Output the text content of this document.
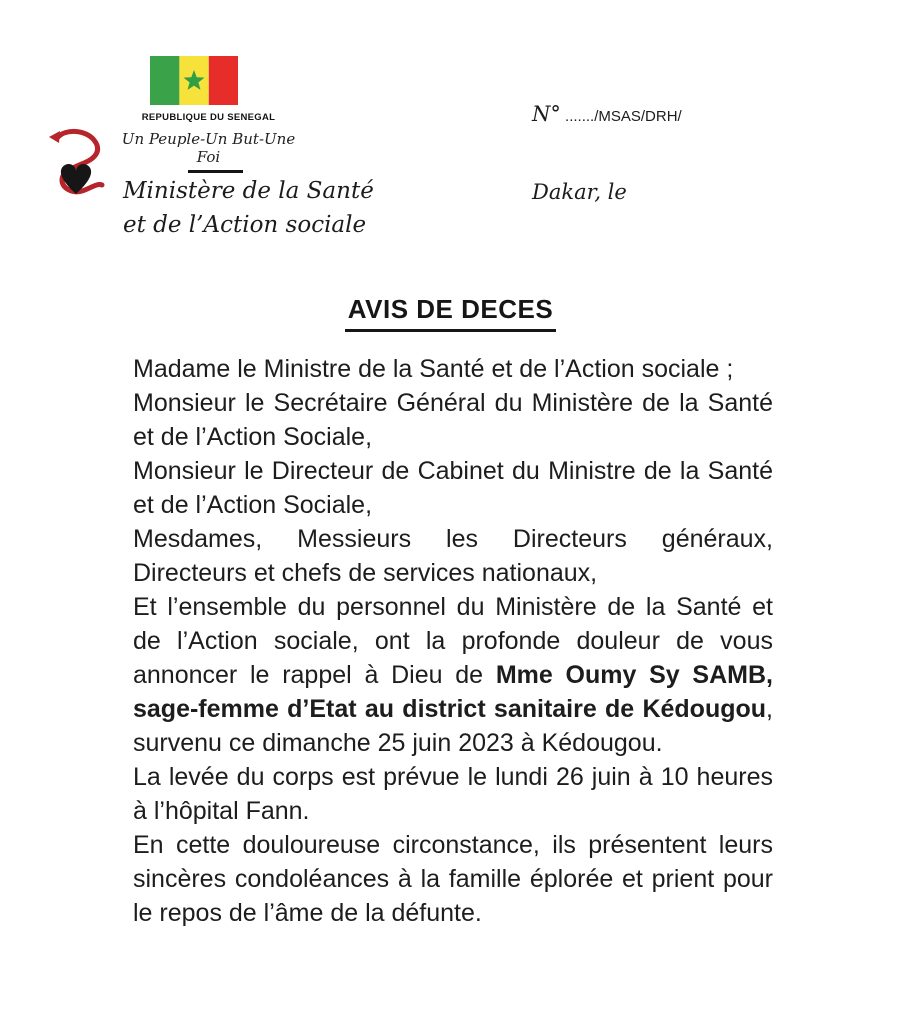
REPUBLIQUE DU SENEGAL
Un Peuple-Un But-Une Foi
Ministère de la Santé
et de l’Action sociale
N° ......./MSAS/DRH/
Dakar, le
AVIS DE DECES

Madame le Ministre de la Santé et de l’Action sociale ;

Monsieur le Secrétaire Général du Ministère de la Santé et de l’Action Sociale,

Monsieur le Directeur de Cabinet du Ministre de la Santé et de l’Action Sociale,

Mesdames, Messieurs les Directeurs généraux, Directeurs et chefs de services nationaux,

Et l’ensemble du personnel du Ministère de la Santé et de l’Action sociale, ont la profonde douleur de vous annoncer le rappel à Dieu de Mme Oumy Sy SAMB, sage-femme d’Etat au district sanitaire de Kédougou, survenu ce dimanche 25 juin 2023 à Kédougou.

La levée du corps est prévue le lundi 26 juin à 10 heures à l’hôpital Fann.

En cette douloureuse circonstance, ils présentent leurs sincères condoléances à la famille éplorée et prient pour le repos de l’âme de la défunte.
